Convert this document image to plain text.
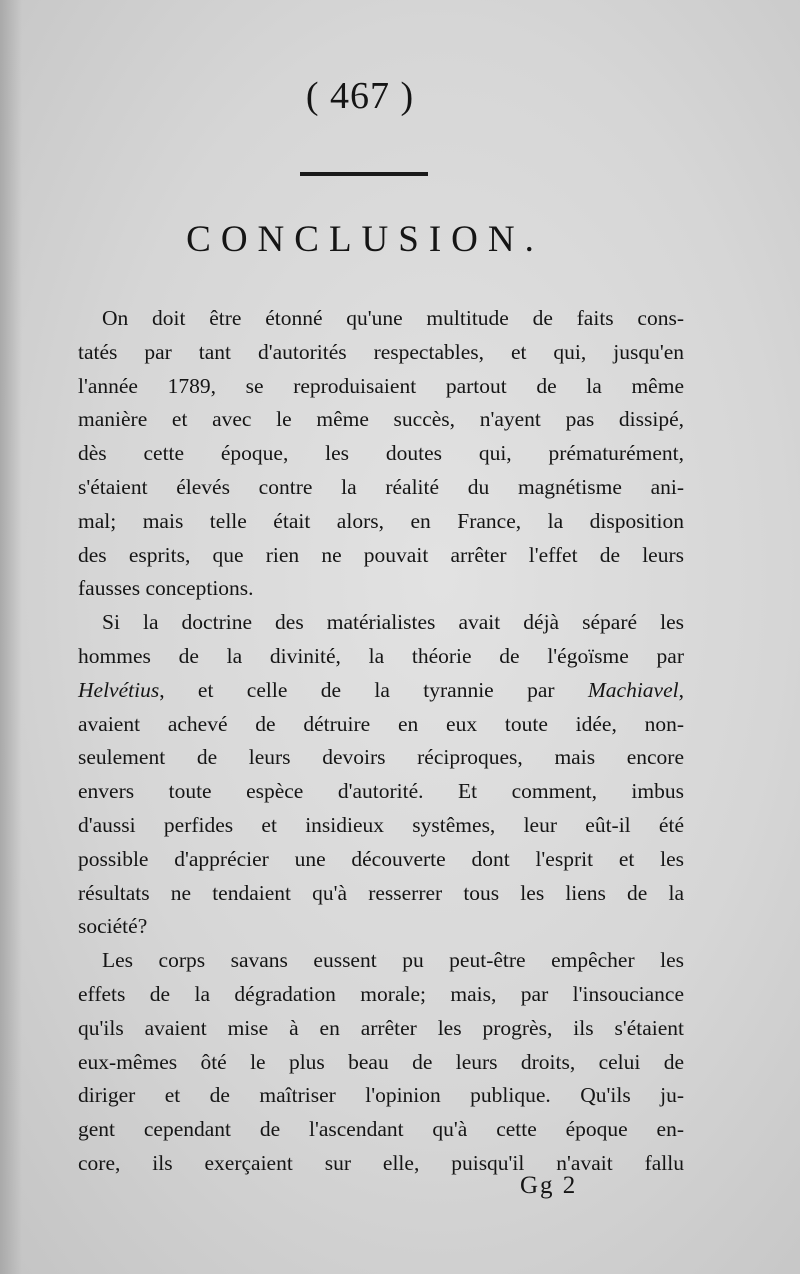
( 467 )
CONCLUSION.
On doit être étonné qu'une multitude de faits cons-
tatés par tant d'autorités respectables, et qui, jusqu'en
l'année 1789, se reproduisaient partout de la même
manière et avec le même succès, n'ayent pas dissipé,
dès cette époque, les doutes qui, prématurément,
s'étaient élevés contre la réalité du magnétisme ani-
mal; mais telle était alors, en France, la disposition
des esprits, que rien ne pouvait arrêter l'effet de leurs
fausses conceptions.
Si la doctrine des matérialistes avait déjà séparé les
hommes de la divinité, la théorie de l'égoïsme par
Helvétius, et celle de la tyrannie par Machiavel,
avaient achevé de détruire en eux toute idée, non-
seulement de leurs devoirs réciproques, mais encore
envers toute espèce d'autorité. Et comment, imbus
d'aussi perfides et insidieux systêmes, leur eût-il été
possible d'apprécier une découverte dont l'esprit et les
résultats ne tendaient qu'à resserrer tous les liens de la
société?
Les corps savans eussent pu peut-être empêcher les
effets de la dégradation morale; mais, par l'insouciance
qu'ils avaient mise à en arrêter les progrès, ils s'étaient
eux-mêmes ôté le plus beau de leurs droits, celui de
diriger et de maîtriser l'opinion publique. Qu'ils ju-
gent cependant de l'ascendant qu'à cette époque en-
core, ils exerçaient sur elle, puisqu'il n'avait fallu
Gg 2
